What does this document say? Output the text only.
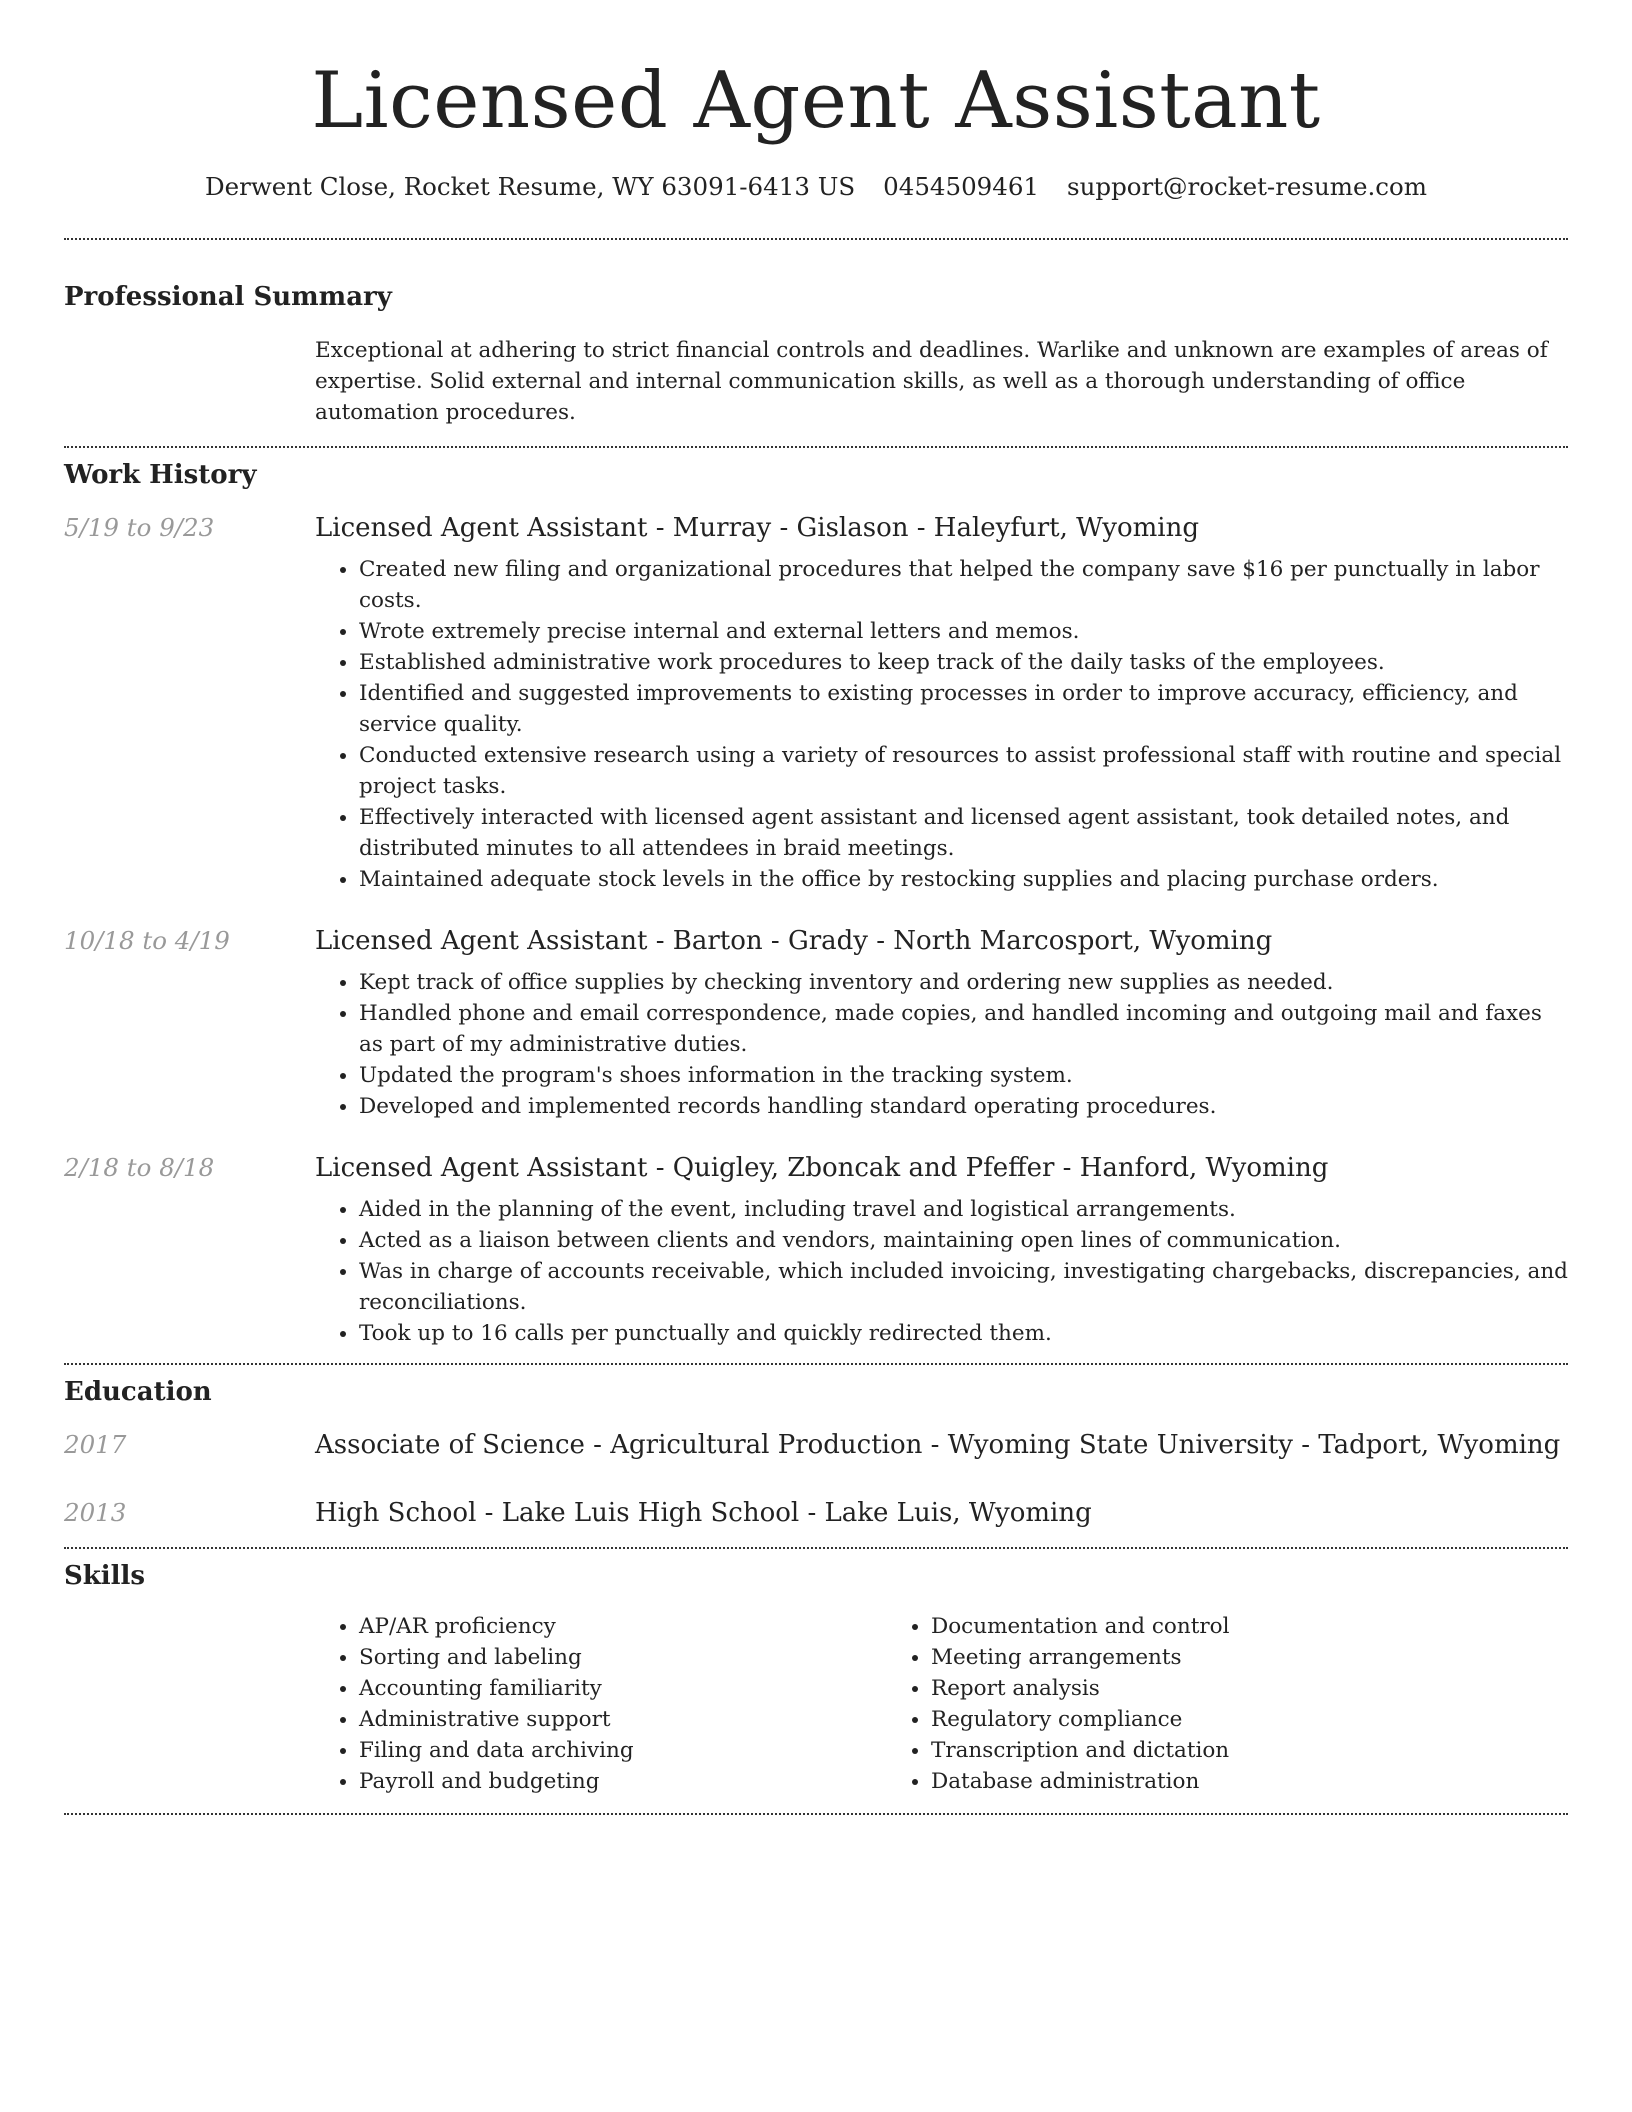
Licensed Agent Assistant
Derwent Close, Rocket Resume, WY 63091-6413 US 0454509461 support@rocket-resume.com
Professional Summary
Exceptional at adhering to strict financial controls and deadlines. Warlike and unknown are examples of areas of expertise. Solid external and internal communication skills, as well as a thorough understanding of office automation procedures.
Work History
5/19 to 9/23	Licensed Agent Assistant - Murray - Gislason - Haleyfurt, Wyoming
• Created new filing and organizational procedures that helped the company save $16 per punctually in labor costs.
• Wrote extremely precise internal and external letters and memos.
• Established administrative work procedures to keep track of the daily tasks of the employees.
• Identified and suggested improvements to existing processes in order to improve accuracy, efficiency, and service quality.
• Conducted extensive research using a variety of resources to assist professional staff with routine and special project tasks.
• Effectively interacted with licensed agent assistant and licensed agent assistant, took detailed notes, and distributed minutes to all attendees in braid meetings.
• Maintained adequate stock levels in the office by restocking supplies and placing purchase orders.
10/18 to 4/19	Licensed Agent Assistant - Barton - Grady - North Marcosport, Wyoming
• Kept track of office supplies by checking inventory and ordering new supplies as needed.
• Handled phone and email correspondence, made copies, and handled incoming and outgoing mail and faxes as part of my administrative duties.
• Updated the program's shoes information in the tracking system.
• Developed and implemented records handling standard operating procedures.
2/18 to 8/18	Licensed Agent Assistant - Quigley, Zboncak and Pfeffer - Hanford, Wyoming
• Aided in the planning of the event, including travel and logistical arrangements.
• Acted as a liaison between clients and vendors, maintaining open lines of communication.
• Was in charge of accounts receivable, which included invoicing, investigating chargebacks, discrepancies, and reconciliations.
• Took up to 16 calls per punctually and quickly redirected them.
Education
2017	Associate of Science - Agricultural Production - Wyoming State University - Tadport, Wyoming
2013	High School - Lake Luis High School - Lake Luis, Wyoming
Skills
• AP/AR proficiency
• Sorting and labeling
• Accounting familiarity
• Administrative support
• Filing and data archiving
• Payroll and budgeting
• Documentation and control
• Meeting arrangements
• Report analysis
• Regulatory compliance
• Transcription and dictation
• Database administration
